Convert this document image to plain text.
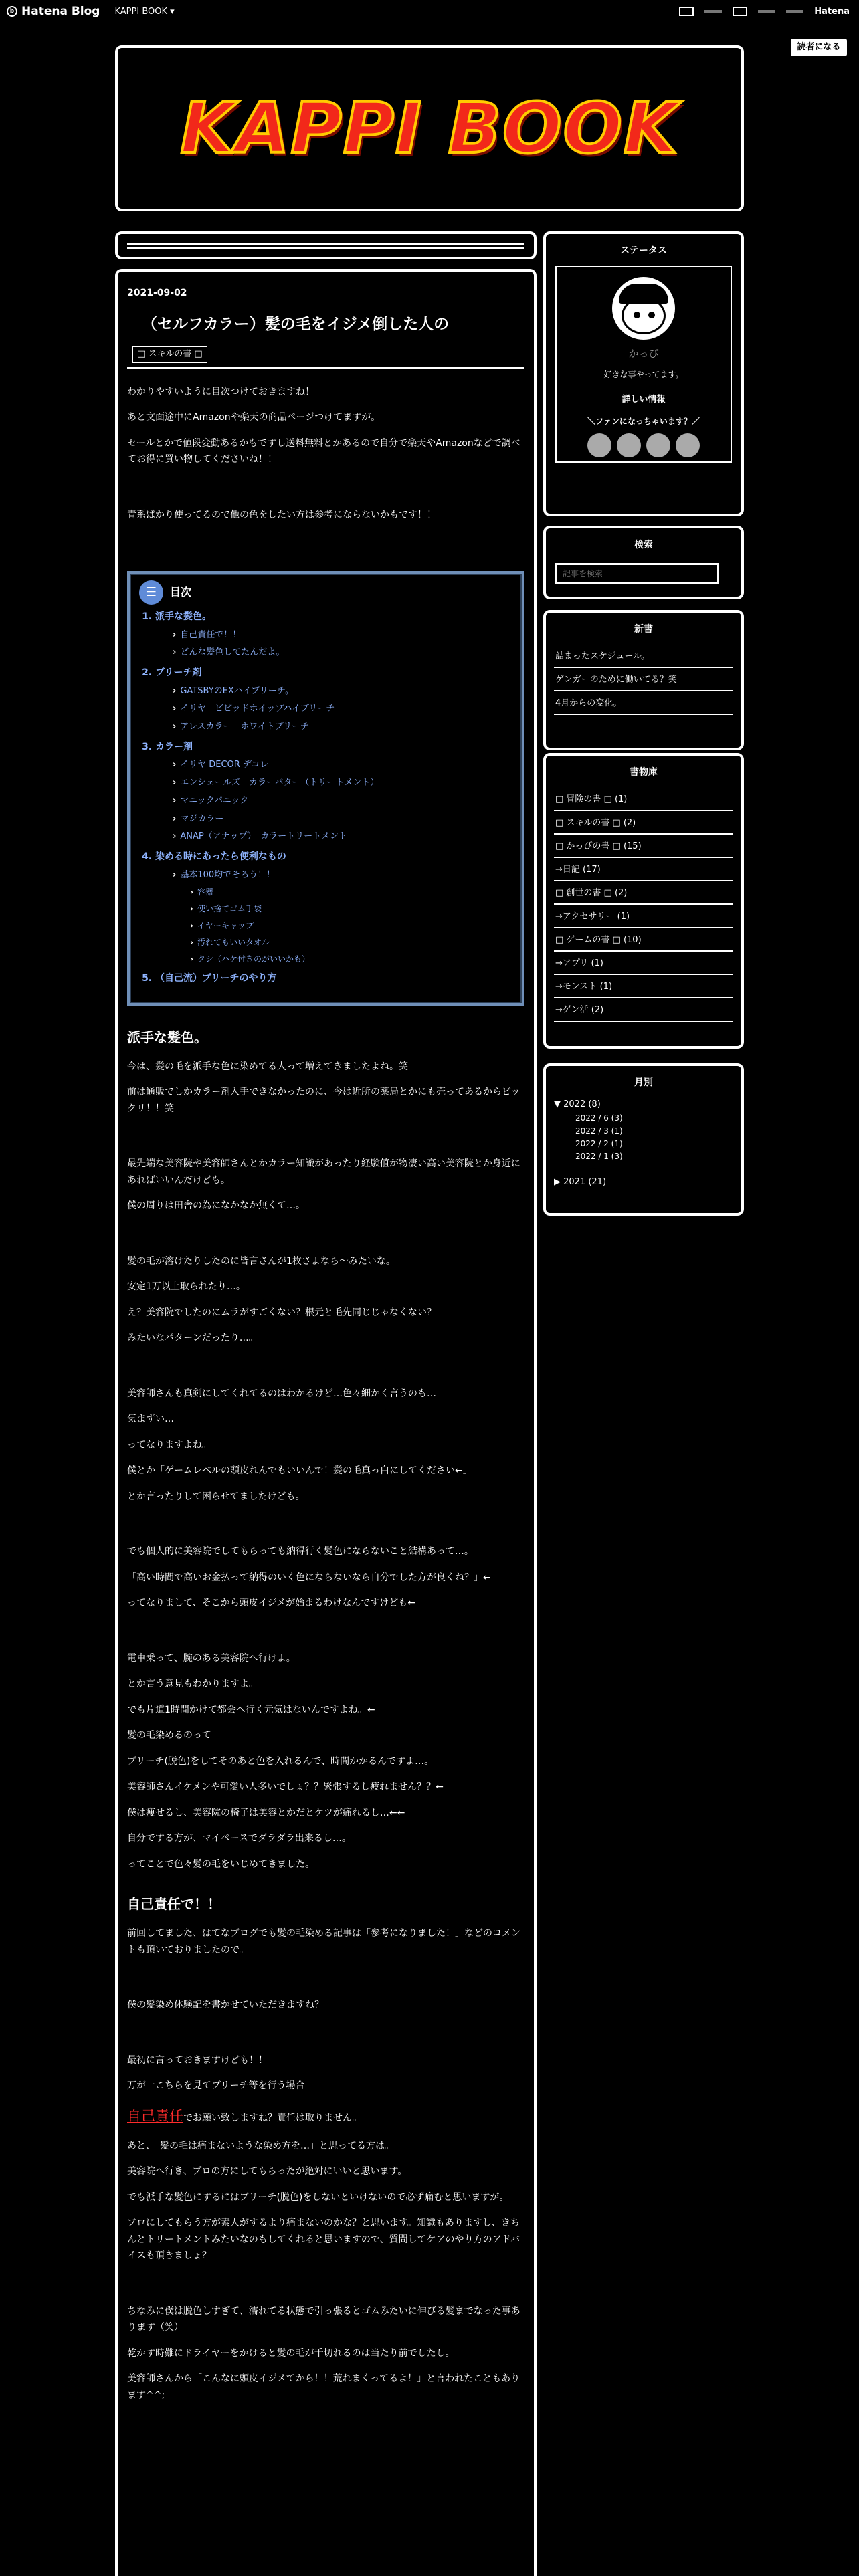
b Hatena Blog KAPPI BOOK ▾	Hatena
読者になる
KAPPI BOOK
2021-09-02
（セルフカラー）髪の毛をイジメ倒した人の
□ スキルの書 □

わかりやすいように目次つけておきますね！

あと文面途中にAmazonや楽天の商品ページつけてますが。

セールとかで値段変動あるかもですし送料無料とかあるので自分で楽天やAmazonなどで調べてお得に買い物してくださいね！！

青系ばかり使ってるので他の色をしたい方は参考にならないかもです！！

☰	目次
1. 派手な髪色。
› 自己責任で！！
› どんな髪色してたんだよ。
2. ブリーチ剤
› GATSBYのEXハイブリーチ。
› イリヤ　ビビッドホイップハイブリーチ
› アレスカラー　ホワイトブリーチ
3. カラー剤
› イリヤ DECOR デコレ
› エンシェールズ　カラーバター（トリートメント）
› マニックパニック
› マジカラー
› ANAP（アナップ）　カラートリートメント
4. 染める時にあったら便利なもの
› 基本100均でそろう！！
› 容器
› 使い捨てゴム手袋
› イヤーキャップ
› 汚れてもいいタオル
› クシ（ハケ付きのがいいかも）
5. （自己流）ブリーチのやり方
派手な髪色。

今は、髪の毛を派手な色に染めてる人って増えてきましたよね。笑

前は通販でしかカラー剤入手できなかったのに、今は近所の薬局とかにも売ってあるからビックリ！！笑

最先端な美容院や美容師さんとかカラー知識があったり経験値が物凄い高い美容院とか身近にあればいいんだけども。

僕の周りは田舎の為になかなか無くて…。

髪の毛が溶けたりしたのに皆言さんが1枚さよなら〜みたいな。

安定1万以上取られたり…。

え？美容院でしたのにムラがすごくない？根元と毛先同じじゃなくない？

みたいなパターンだったり…。

美容師さんも真剣にしてくれてるのはわかるけど…色々細かく言うのも…

気まずい…

ってなりますよね。

僕とか「ゲームレベルの頭皮れんでもいいんで！髪の毛真っ白にしてください←」

とか言ったりして困らせてましたけども。

でも個人的に美容院でしてもらっても納得行く髪色にならないこと結構あって…。

「高い時間で高いお金払って納得のいく色にならないなら自分でした方が良くね？」←

ってなりまして、そこから頭皮イジメが始まるわけなんですけども←

電車乗って、腕のある美容院へ行けよ。

とか言う意見もわかりますよ。

でも片道1時間かけて都会へ行く元気はないんですよね。←

髪の毛染めるのって

ブリーチ(脱色)をしてそのあと色を入れるんで、時間かかるんですよ…。

美容師さんイケメンや可愛い人多いでしょ？？緊張するし疲れません？？←

僕は痩せるし、美容院の椅子は美容とかだとケツが痛れるし…←←

自分でする方が、マイペースでダラダラ出来るし…。

ってことで色々髪の毛をいじめてきました。

自己責任で！！

前回してました、はてなブログでも髪の毛染める記事は「参考になりました！」などのコメントも頂いておりましたので。

僕の髪染め体験記を書かせていただきますね？

最初に言っておきますけども！！

万が一こちらを見てブリーチ等を行う場合

自己責任でお願い致しますね？責任は取りません。

あと、「髪の毛は痛まないような染め方を…」と思ってる方は。

美容院へ行き、プロの方にしてもらったが絶対にいいと思います。

でも派手な髪色にするにはブリーチ(脱色)をしないといけないので必ず痛むと思いますが。

プロにしてもらう方が素人がするより痛まないのかな？と思います。知識もありますし、きちんとトリートメントみたいなのもしてくれると思いますので、質問してケアのやり方のアドバイスも頂きましょ？

ちなみに僕は脱色しすぎて、濡れてる状態で引っ張るとゴムみたいに伸びる髪までなった事あります（笑）

乾かす時難にドライヤーをかけると髪の毛が千切れるのは当たり前でしたし。

美容師さんから「こんなに頭皮イジメてから！！荒れまくってるよ！」と言われたこともあります^^;

ステータス
かっぴ
好きな事やってます。
詳しい情報
＼ファンになっちゃいます？／
検索
記事を検索
新書
詰まったスケジュール。
ゲンガーのために働いてる？笑
4月からの変化。
書物庫
□ 冒険の書 □ (1)
□ スキルの書 □ (2)
□ かっぴの書 □ (15)
→日記 (17)
□ 創世の書 □ (2)
→アクセサリー (1)
□ ゲームの書 □ (10)
→アプリ (1)
→モンスト (1)
→ゲン活 (2)
月別
▼ 2022 (8)
2022 / 6 (3)
2022 / 3 (1)
2022 / 2 (1)
2022 / 1 (3)
▶ 2021 (21)
